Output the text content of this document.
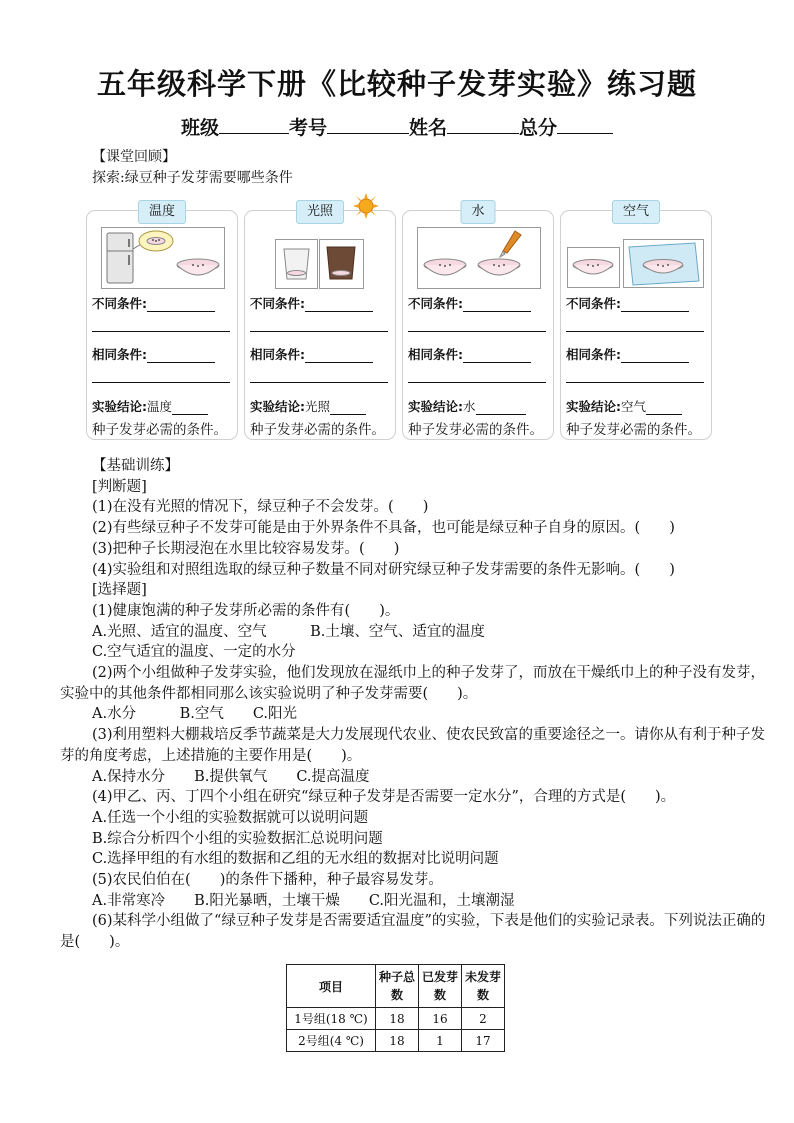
五年级科学下册《比较种子发芽实验》练习题
班级	考号	姓名	总分
【课堂回顾】
探索:绿豆种子发芽需要哪些条件
温度
不同条件:
相同条件:
实验结论:温度
种子发芽必需的条件。
光照
不同条件:
相同条件:
实验结论:光照
种子发芽必需的条件。
水
不同条件:
相同条件:
实验结论:水
种子发芽必需的条件。
空气
不同条件:
相同条件:
实验结论:空气
种子发芽必需的条件。

【基础训练】

[判断题]

(1)在没有光照的情况下，绿豆种子不会发芽。(　　)

(2)有些绿豆种子不发芽可能是由于外界条件不具备，也可能是绿豆种子自身的原因。(　　)

(3)把种子长期浸泡在水里比较容易发芽。(　　)

(4)实验组和对照组选取的绿豆种子数量不同对研究绿豆种子发芽需要的条件无影响。(　　)

[选择题]

(1)健康饱满的种子发芽所必需的条件有(　　)。

A.光照、适宜的温度、空气　　　B.土壤、空气、适宜的温度

C.空气适宜的温度、一定的水分

(2)两个小组做种子发芽实验，他们发现放在湿纸巾上的种子发芽了，而放在干燥纸巾上的种子没有发芽，实验中的其他条件都相同那么该实验说明了种子发芽需要(　　)。

A.水分　　　B.空气　　C.阳光

(3)利用塑料大棚栽培反季节蔬菜是大力发展现代农业、使农民致富的重要途径之一。请你从有利于种子发芽的角度考虑，上述措施的主要作用是(　　)。

A.保持水分　　B.提供氧气　　C.提高温度

(4)甲乙、丙、丁四个小组在研究“绿豆种子发芽是否需要一定水分”，合理的方式是(　　)。

A.任选一个小组的实验数据就可以说明问题

B.综合分析四个小组的实验数据汇总说明问题

C.选择甲组的有水组的数据和乙组的无水组的数据对比说明问题

(5)农民伯伯在(　　)的条件下播种，种子最容易发芽。

A.非常寒冷　　B.阳光暴晒，土壤干燥　　C.阳光温和，土壤潮湿

(6)某科学小组做了“绿豆种子发芽是否需要适宜温度”的实验，下表是他们的实验记录表。下列说法正确的是(　　)。

项目	种子总数	已发芽数	未发芽数
1号组(18 ℃)	18	16	2
2号组(4 ℃)	18	1	17
